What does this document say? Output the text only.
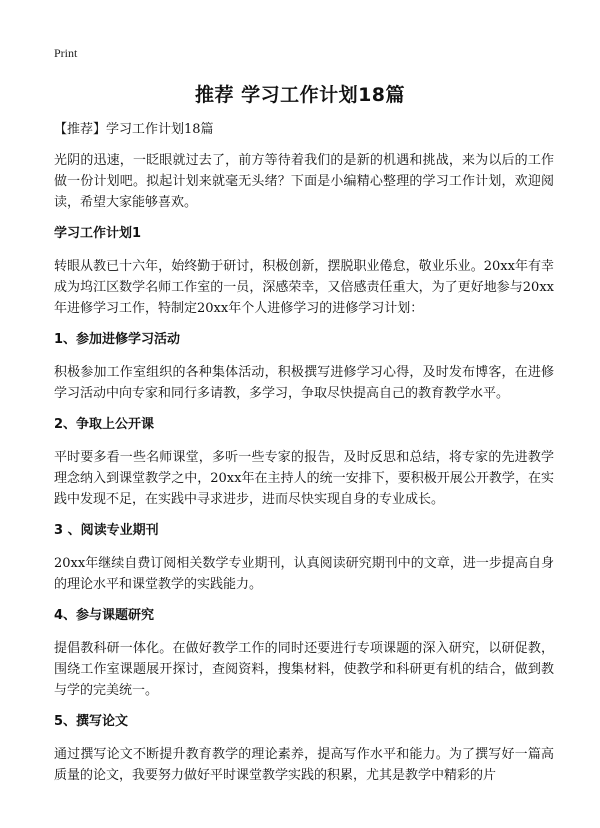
Print
推荐 学习工作计划18篇

【推荐】学习工作计划18篇

光阴的迅速，一眨眼就过去了，前方等待着我们的是新的机遇和挑战，来为以后的工作做一份计划吧。拟起计划来就毫无头绪？下面是小编精心整理的学习工作计划，欢迎阅读，希望大家能够喜欢。

学习工作计划1

转眼从教已十六年，始终勤于研讨，积极创新，摆脱职业倦怠，敬业乐业。20xx年有幸成为坞江区数学名师工作室的一员，深感荣幸，又倍感责任重大，为了更好地参与20xx年进修学习工作，特制定20xx年个人进修学习的进修学习计划：

1、参加进修学习活动

积极参加工作室组织的各种集体活动，积极撰写进修学习心得，及时发布博客，在进修学习活动中向专家和同行多请教，多学习，争取尽快提高自己的教育教学水平。

2、争取上公开课

平时要多看一些名师课堂，多听一些专家的报告，及时反思和总结，将专家的先进教学理念纳入到课堂教学之中，20xx年在主持人的统一安排下，要积极开展公开教学，在实践中发现不足，在实践中寻求进步，进而尽快实现自身的专业成长。

3 、阅读专业期刊

20xx年继续自费订阅相关数学专业期刊，认真阅读研究期刊中的文章，进一步提高自身的理论水平和课堂教学的实践能力。

4、参与课题研究

提倡教科研一体化。在做好教学工作的同时还要进行专项课题的深入研究，以研促教，围绕工作室课题展开探讨，查阅资料，搜集材料，使教学和科研更有机的结合，做到教与学的完美统一。

5、撰写论文

通过撰写论文不断提升教育教学的理论素养，提高写作水平和能力。为了撰写好一篇高质量的论文，我要努力做好平时课堂教学实践的积累，尤其是教学中精彩的片
